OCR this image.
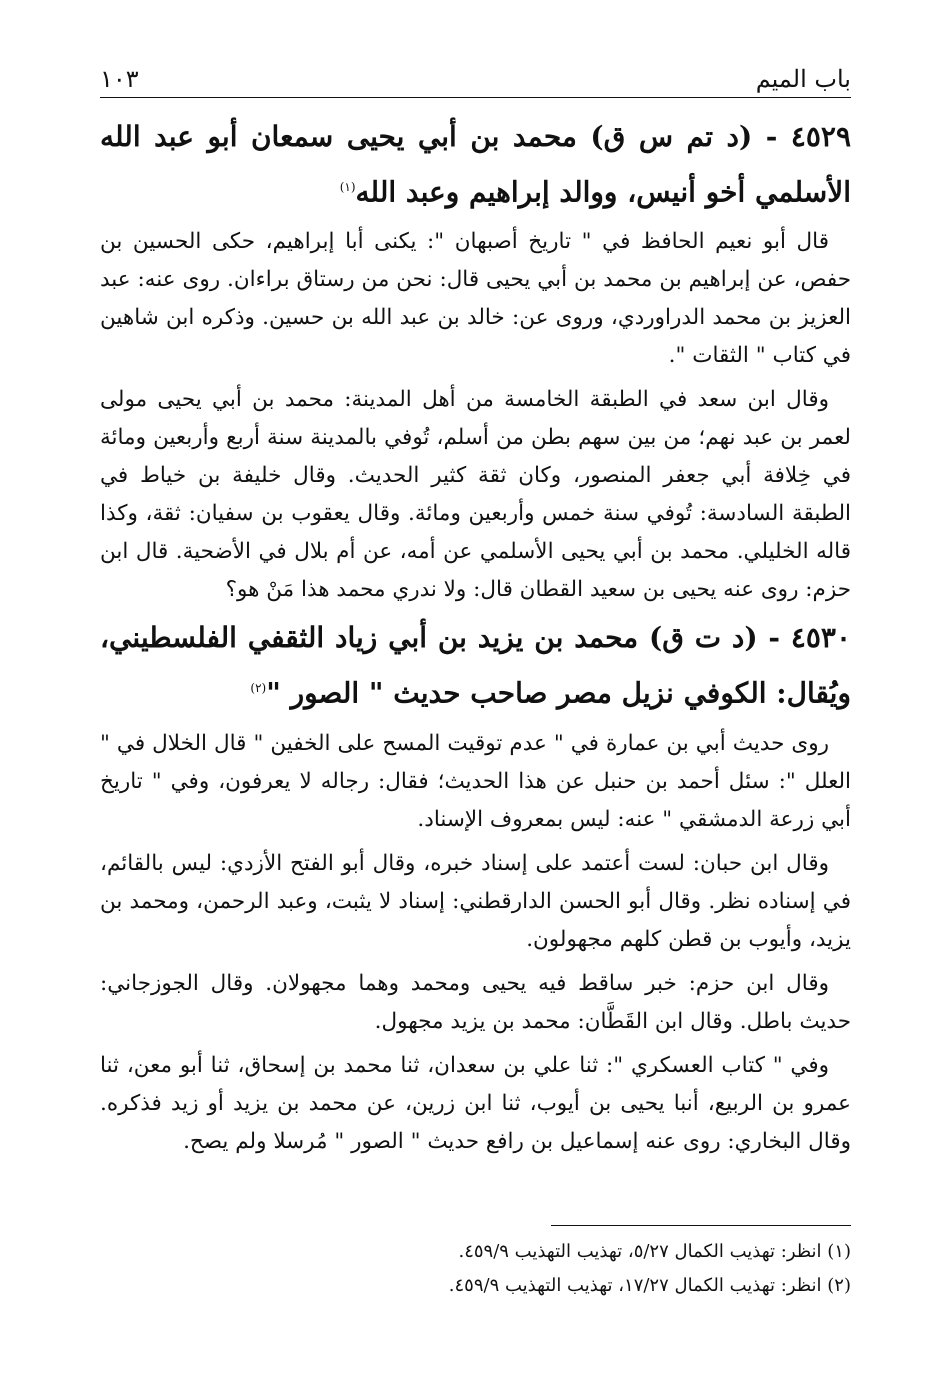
باب الميم
١٠٣
٤٥٢٩ - (د تم س ق) محمد بن أبي يحيى سمعان أبو عبد الله الأسلمي أخو أنيس، ووالد إبراهيم وعبد الله$^{(١)}$

قال أبو نعيم الحافظ في " تاريخ أصبهان ": يكنى أبا إبراهيم، حكى الحسين بن حفص، عن إبراهيم بن محمد بن أبي يحيى قال: نحن من رستاق براءان. روى عنه: عبد العزيز بن محمد الدراوردي، وروى عن: خالد بن عبد الله بن حسين. وذكره ابن شاهين في كتاب " الثقات ".

وقال ابن سعد في الطبقة الخامسة من أهل المدينة: محمد بن أبي يحيى مولى لعمر بن عبد نهم؛ من بين سهم بطن من أسلم، تُوفي بالمدينة سنة أربع وأربعين ومائة في خِلافة أبي جعفر المنصور، وكان ثقة كثير الحديث. وقال خليفة بن خياط في الطبقة السادسة: تُوفي سنة خمس وأربعين ومائة. وقال يعقوب بن سفيان: ثقة، وكذا قاله الخليلي. محمد بن أبي يحيى الأسلمي عن أمه، عن أم بلال في الأضحية. قال ابن حزم: روى عنه يحيى بن سعيد القطان قال: ولا ندري محمد هذا مَنْ هو؟

٤٥٣٠ - (د ت ق) محمد بن يزيد بن أبي زياد الثقفي الفلسطيني، ويُقال: الكوفي نزيل مصر صاحب حديث " الصور "$^{(٢)}$

روى حديث أبي بن عمارة في " عدم توقيت المسح على الخفين " قال الخلال في " العلل ": سئل أحمد بن حنبل عن هذا الحديث؛ فقال: رجاله لا يعرفون، وفي " تاريخ أبي زرعة الدمشقي " عنه: ليس بمعروف الإسناد.

وقال ابن حبان: لست أعتمد على إسناد خبره، وقال أبو الفتح الأزدي: ليس بالقائم، في إسناده نظر. وقال أبو الحسن الدارقطني: إسناد لا يثبت، وعبد الرحمن، ومحمد بن يزيد، وأيوب بن قطن كلهم مجهولون.

وقال ابن حزم: خبر ساقط فيه يحيى ومحمد وهما مجهولان. وقال الجوزجاني: حديث باطل. وقال ابن القَطَّان: محمد بن يزيد مجهول.

وفي " كتاب العسكري ": ثنا علي بن سعدان، ثنا محمد بن إسحاق، ثنا أبو معن، ثنا عمرو بن الربيع، أنبا يحيى بن أيوب، ثنا ابن زرين، عن محمد بن يزيد أو زيد فذكره. وقال البخاري: روى عنه إسماعيل بن رافع حديث " الصور " مُرسلا ولم يصح.

(١) انظر: تهذيب الكمال ٥/٢٧، تهذيب التهذيب ٤٥٩/٩.

(٢) انظر: تهذيب الكمال ١٧/٢٧، تهذيب التهذيب ٤٥٩/٩.
